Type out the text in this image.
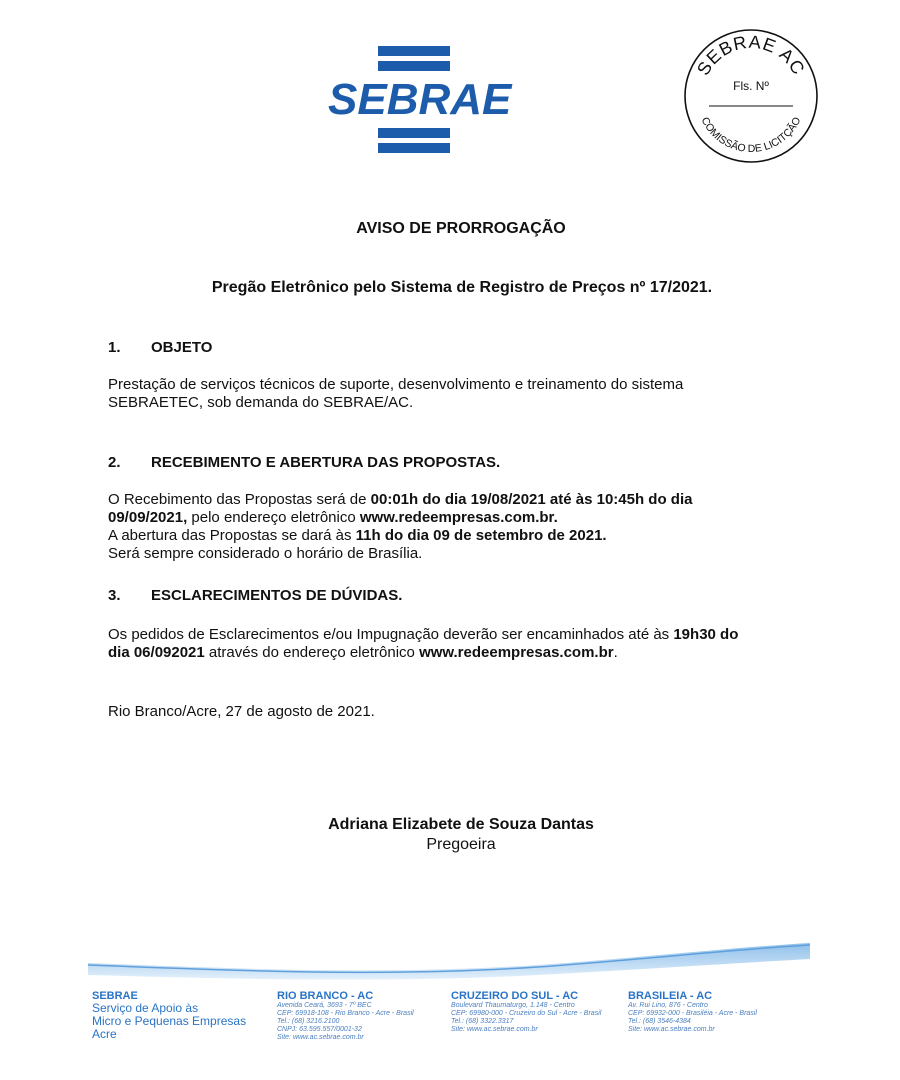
SEBRAE
SEBRAE AC
Fls. Nº
COMISSÃO DE LICITÇÃO
AVISO DE PRORROGAÇÃO
Pregão Eletrônico pelo Sistema de Registro de Preços nº 17/2021.
1. OBJETO
Prestação de serviços técnicos de suporte, desenvolvimento e treinamento do sistema
SEBRAETEC, sob demanda do SEBRAE/AC.
2. RECEBIMENTO E ABERTURA DAS PROPOSTAS.
O Recebimento das Propostas será de 00:01h do dia 19/08/2021 até às 10:45h do dia
09/09/2021, pelo endereço eletrônico www.redeempresas.com.br.
A abertura das Propostas se dará às 11h do dia 09 de setembro de 2021.
Será sempre considerado o horário de Brasília.
3. ESCLARECIMENTOS DE DÚVIDAS.
Os pedidos de Esclarecimentos e/ou Impugnação deverão ser encaminhados até às 19h30 do
dia 06/092021 através do endereço eletrônico www.redeempresas.com.br.
Rio Branco/Acre, 27 de agosto de 2021.
Adriana Elizabete de Souza Dantas
Pregoeira
SEBRAE
Serviço de Apoio às
Micro e Pequenas Empresas
Acre
RIO BRANCO - AC
Avenida Ceará, 3693 - 7º BEC
CEP: 69918-108 - Rio Branco - Acre - Brasil
Tel.: (68) 3216.2100
CNPJ: 63.595.557/0001-32
Site: www.ac.sebrae.com.br
CRUZEIRO DO SUL - AC
Boulevard Thaumaturgo, 1.148 - Centro
CEP: 69980-000 - Cruzeiro do Sul - Acre - Brasil
Tel.: (68) 3322.3317
Site: www.ac.sebrae.com.br
BRASILEIA - AC
Av. Rui Lino, 876 - Centro
CEP: 69932-000 - Brasiléia - Acre - Brasil
Tel.: (68) 3546-4384
Site: www.ac.sebrae.com.br
